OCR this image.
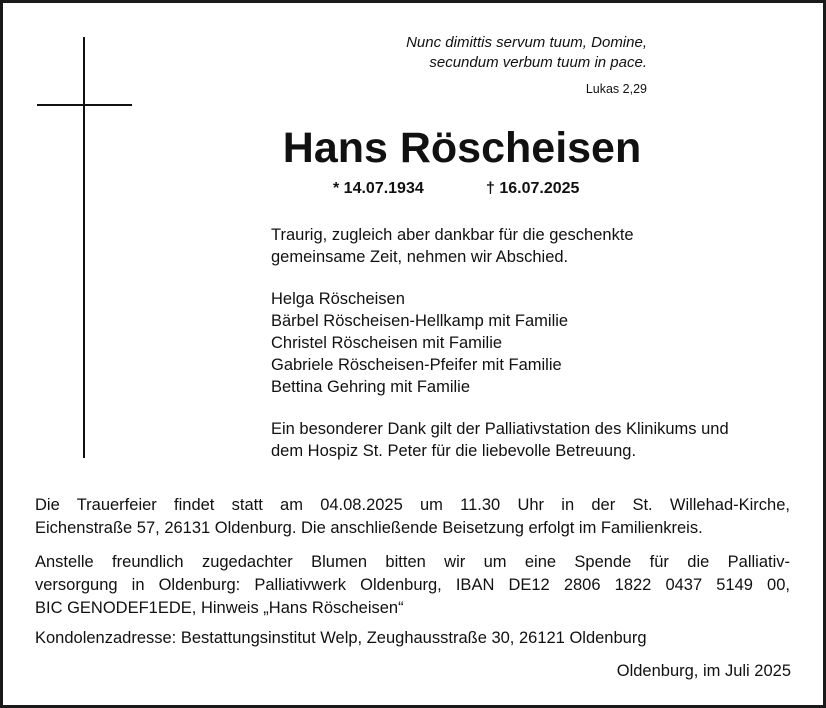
Nunc dimittis servum tuum, Domine,
secundum verbum tuum in pace.
Lukas 2,29
Hans Röscheisen
* 14.07.1934	† 16.07.2025
Traurig, zugleich aber dankbar für die geschenkte
gemeinsame Zeit, nehmen wir Abschied.
Helga Röscheisen
Bärbel Röscheisen-Hellkamp mit Familie
Christel Röscheisen mit Familie
Gabriele Röscheisen-Pfeifer mit Familie
Bettina Gehring mit Familie
Ein besonderer Dank gilt der Palliativstation des Klinikums und
dem Hospiz St. Peter für die liebevolle Betreuung.
Die Trauerfeier findet statt am 04.08.2025 um 11.30 Uhr in der St. Willehad-Kirche,
Eichenstraße 57, 26131 Oldenburg. Die anschließende Beisetzung erfolgt im Familienkreis.
Anstelle freundlich zugedachter Blumen bitten wir um eine Spende für die Palliativ-
versorgung in Oldenburg: Palliativwerk Oldenburg, IBAN DE12 2806 1822 0437 5149 00,
BIC GENODEF1EDE, Hinweis „Hans Röscheisen“
Kondolenzadresse: Bestattungsinstitut Welp, Zeughausstraße 30, 26121 Oldenburg
Oldenburg, im Juli 2025
